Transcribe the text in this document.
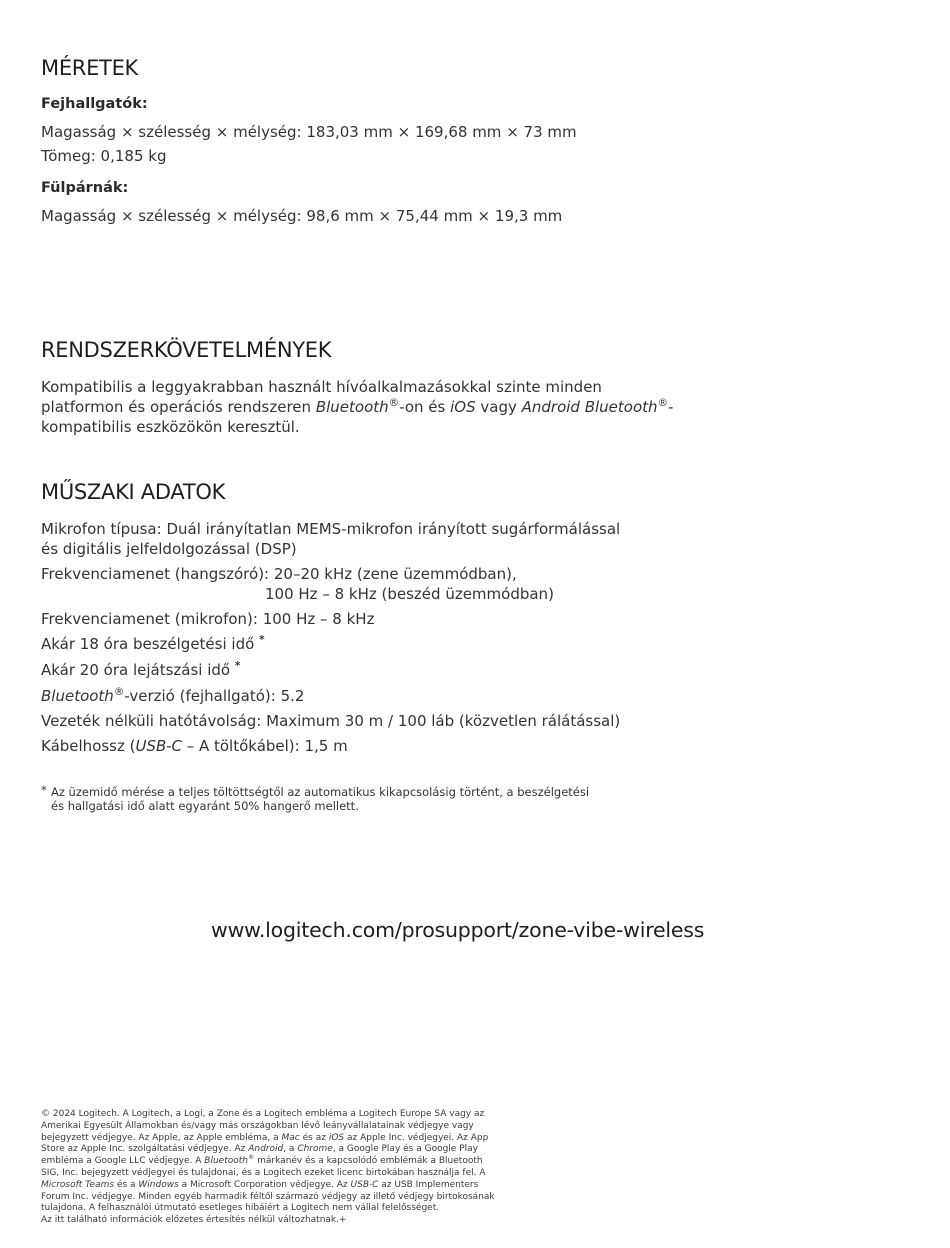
MÉRETEK
Fejhallgatók:
Magasság × szélesség × mélység: 183,03 mm × 169,68 mm × 73 mm
Tömeg: 0,185 kg
Fülpárnák:
Magasság × szélesség × mélység: 98,6 mm × 75,44 mm × 19,3 mm
RENDSZERKÖVETELMÉNYEK
Kompatibilis a leggyakrabban használt hívóalkalmazásokkal szinte minden platformon és operációs rendszeren Bluetooth®-on és iOS vagy Android Bluetooth®-kompatibilis eszközökön keresztül.
MŰSZAKI ADATOK
Mikrofon típusa: Duál irányítatlan MEMS-mikrofon irányított sugárformálással
és digitális jelfeldolgozással (DSP)
Frekvenciamenet (hangszóró): 20–20 kHz (zene üzemmódban),
100 Hz – 8 kHz (beszéd üzemmódban)
Frekvenciamenet (mikrofon): 100 Hz – 8 kHz
Akár 18 óra beszélgetési idő *
Akár 20 óra lejátszási idő *
Bluetooth®-verzió (fejhallgató): 5.2
Vezeték nélküli hatótávolság: Maximum 30 m / 100 láb (közvetlen rálátással)
Kábelhossz (USB-C – A töltőkábel): 1,5 m
* Az üzemidő mérése a teljes töltöttségtől az automatikus kikapcsolásig történt, a beszélgetési
és hallgatási idő alatt egyaránt 50% hangerő mellett.
www.logitech.com/prosupport/zone-vibe-wireless
© 2024 Logitech. A Logitech, a Logi, a Zone és a Logitech embléma a Logitech Europe SA vagy az Amerikai Egyesült Államokban és/vagy más országokban lévő leányvállalatainak védjegye vagy bejegyzett védjegye. Az Apple, az Apple embléma, a Mac és az iOS az Apple Inc. védjegyei. Az App Store az Apple Inc. szolgáltatási védjegye. Az Android, a Chrome, a Google Play és a Google Play embléma a Google LLC védjegye. A Bluetooth® márkanév és a kapcsolódó emblémák a Bluetooth SIG, Inc. bejegyzett védjegyei és tulajdonai, és a Logitech ezeket licenc birtokában használja fel. A Microsoft Teams és a Windows a Microsoft Corporation védjegye. Az USB-C az USB Implementers Forum Inc. védjegye. Minden egyéb harmadik féltől származó védjegy az illető védjegy birtokosának tulajdona. A felhasználói útmutató esetleges hibáiért a Logitech nem vállal felelősséget.
Az itt található információk előzetes értesítés nélkül változhatnak.+
